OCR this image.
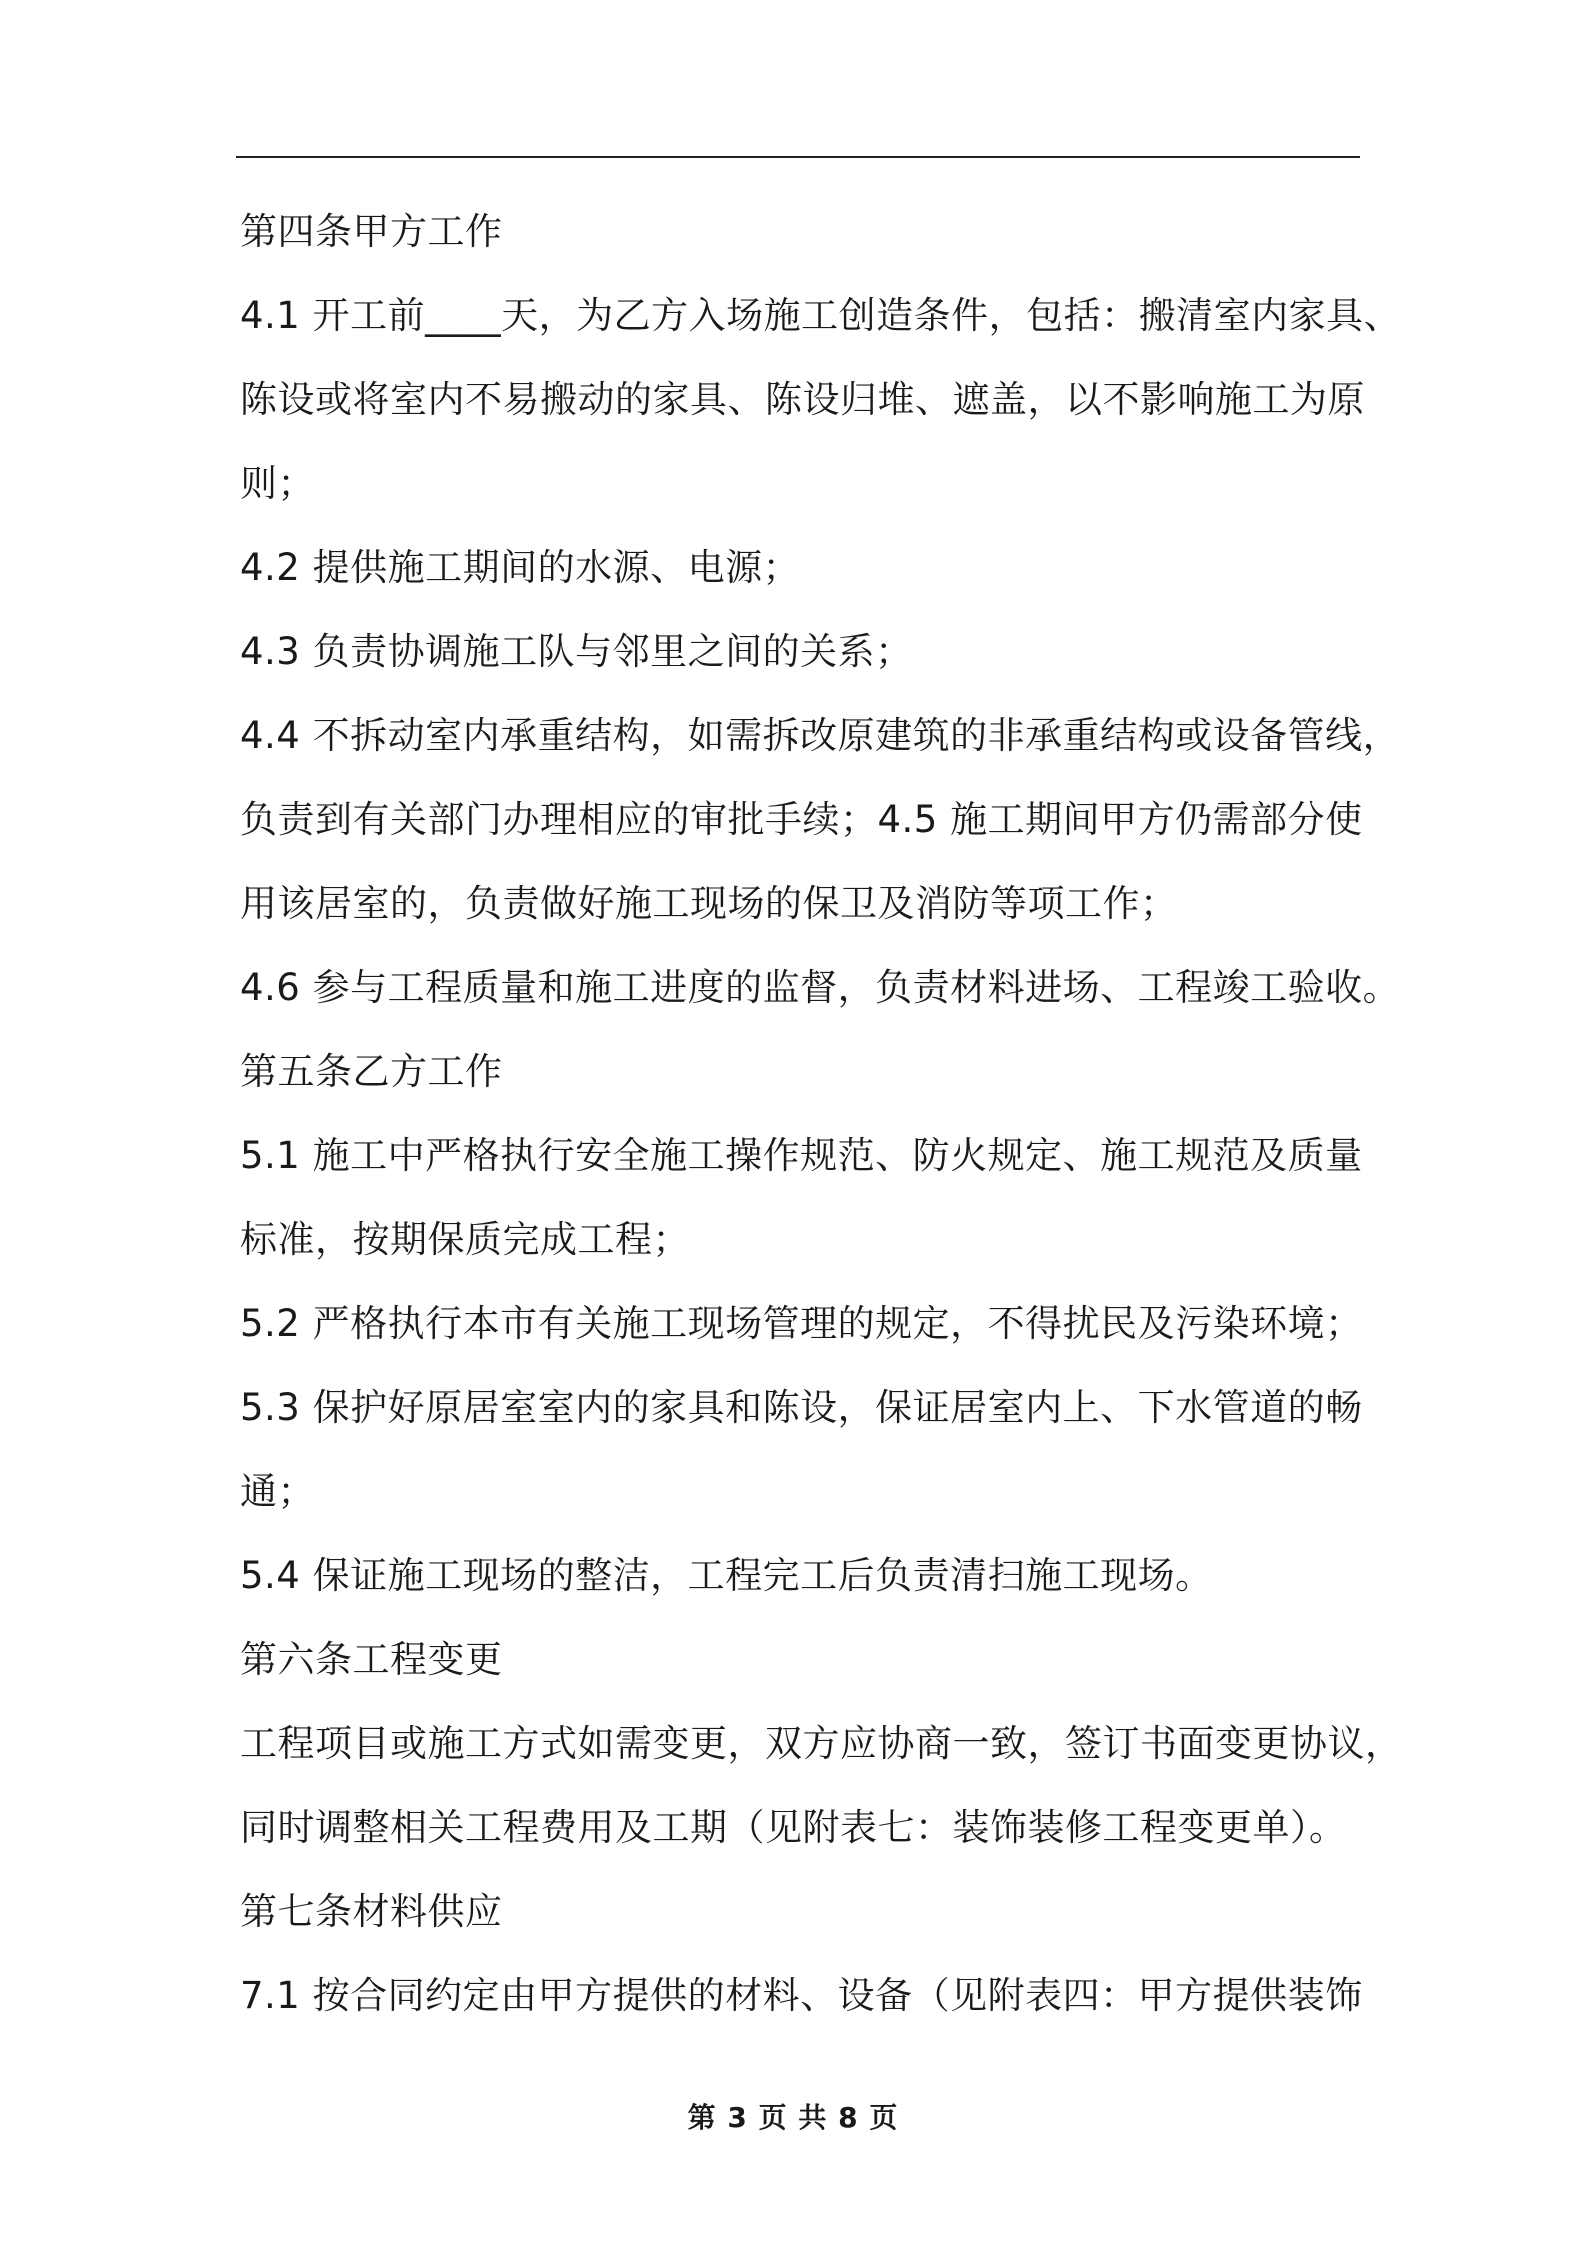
第四条甲方工作
4.1 开工前____天，为乙方入场施工创造条件，包括：搬清室内家具、
陈设或将室内不易搬动的家具、陈设归堆、遮盖，以不影响施工为原
则；
4.2 提供施工期间的水源、电源；
4.3 负责协调施工队与邻里之间的关系；
4.4 不拆动室内承重结构，如需拆改原建筑的非承重结构或设备管线，
负责到有关部门办理相应的审批手续；4.5 施工期间甲方仍需部分使
用该居室的，负责做好施工现场的保卫及消防等项工作；
4.6 参与工程质量和施工进度的监督，负责材料进场、工程竣工验收。
第五条乙方工作
5.1 施工中严格执行安全施工操作规范、防火规定、施工规范及质量
标准，按期保质完成工程；
5.2 严格执行本市有关施工现场管理的规定，不得扰民及污染环境；
5.3 保护好原居室室内的家具和陈设，保证居室内上、下水管道的畅
通；
5.4 保证施工现场的整洁，工程完工后负责清扫施工现场。
第六条工程变更
工程项目或施工方式如需变更，双方应协商一致，签订书面变更协议，
同时调整相关工程费用及工期（见附表七：装饰装修工程变更单）。
第七条材料供应
7.1 按合同约定由甲方提供的材料、设备（见附表四：甲方提供装饰
第 3 页 共 8 页
